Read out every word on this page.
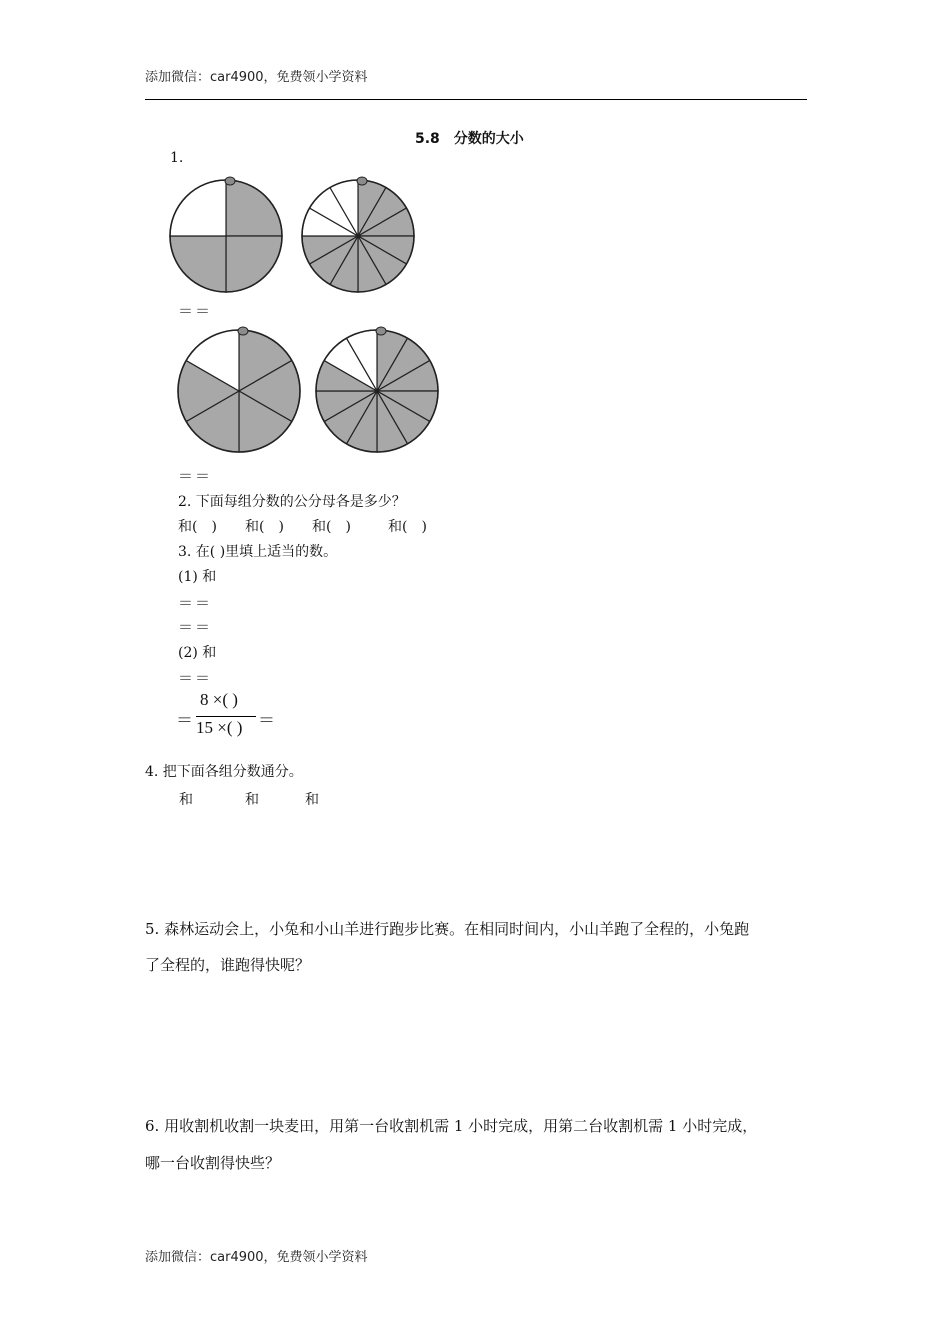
添加微信：car4900，免费领小学资料
5.8　分数的大小
1.
＝＝
＝＝
2. 下面每组分数的公分母各是多少？
和(　) 和(　) 和(　)	和(　)
3. 在( )里填上适当的数。
(1) 和
＝＝
＝＝
(2) 和
＝＝
＝
8 ×( )
15 ×( ) ＝
4. 把下面各组分数通分。
和	和	和
5. 森林运动会上，小兔和小山羊进行跑步比赛。在相同时间内，小山羊跑了全程的，小兔跑
了全程的，谁跑得快呢？
6. 用收割机收割一块麦田，用第一台收割机需 1 小时完成，用第二台收割机需 1 小时完成，
哪一台收割得快些？
添加微信：car4900，免费领小学资料
